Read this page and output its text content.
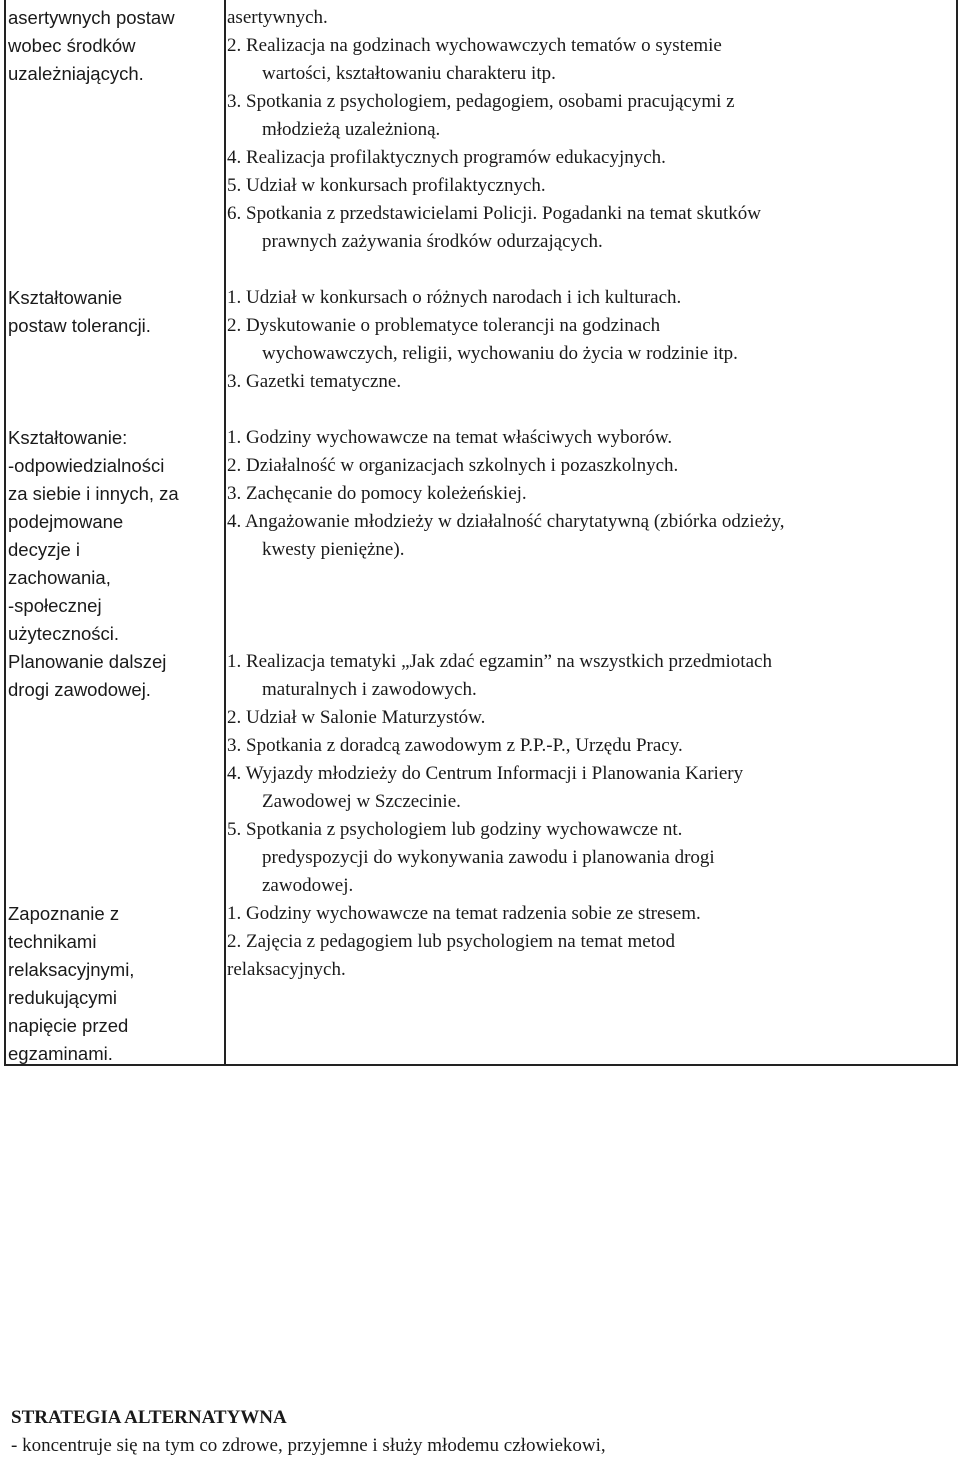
asertywnych postaw
wobec środków
uzależniających.
asertywnych.
2. Realizacja na godzinach wychowawczych tematów o systemie
wartości, kształtowaniu charakteru itp.
3. Spotkania z psychologiem, pedagogiem, osobami pracującymi z
młodzieżą uzależnioną.
4. Realizacja profilaktycznych programów edukacyjnych.
5. Udział w konkursach profilaktycznych.
6. Spotkania z przedstawicielami Policji. Pogadanki na temat skutków
prawnych zażywania środków odurzających.
Kształtowanie
postaw tolerancji.
1. Udział w konkursach o różnych narodach i ich kulturach.
2. Dyskutowanie o problematyce tolerancji na godzinach
wychowawczych, religii, wychowaniu do życia w rodzinie itp.
3. Gazetki tematyczne.
Kształtowanie:
-odpowiedzialności
za siebie i innych, za
podejmowane
decyzje i
zachowania,
-społecznej
użyteczności.
1. Godziny wychowawcze na temat właściwych wyborów.
2. Działalność w organizacjach szkolnych i pozaszkolnych.
3. Zachęcanie do pomocy koleżeńskiej.
4. Angażowanie młodzieży w działalność charytatywną (zbiórka odzieży,
kwesty pieniężne).
Planowanie dalszej
drogi zawodowej.
1. Realizacja tematyki „Jak zdać egzamin” na wszystkich przedmiotach
maturalnych i zawodowych.
2. Udział w Salonie Maturzystów.
3. Spotkania z doradcą zawodowym z P.P.-P., Urzędu Pracy.
4. Wyjazdy młodzieży do Centrum Informacji i Planowania Kariery
Zawodowej w Szczecinie.
5. Spotkania z psychologiem lub godziny wychowawcze nt.
predyspozycji do wykonywania zawodu i planowania drogi
zawodowej.
Zapoznanie z
technikami
relaksacyjnymi,
redukującymi
napięcie przed
egzaminami.
1. Godziny wychowawcze na temat radzenia sobie ze stresem.
2. Zajęcia z pedagogiem lub psychologiem na temat metod
relaksacyjnych.
STRATEGIA ALTERNATYWNA
- koncentruje się na tym co zdrowe, przyjemne i służy młodemu człowiekowi,
